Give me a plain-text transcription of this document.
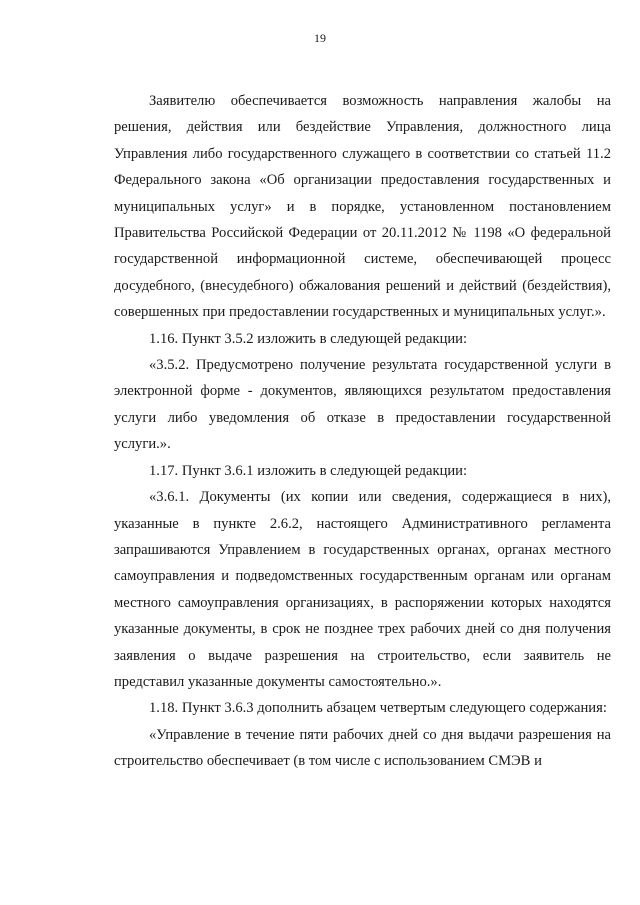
19

Заявителю обеспечивается возможность направления жалобы на решения, действия или бездействие Управления, должностного лица Управления либо государственного служащего в соответствии со статьей 11.2 Федерального закона «Об организации предоставления государственных и муниципальных услуг» и в порядке, установленном постановлением Правительства Российской Федерации от 20.11.2012 № 1198 «О федеральной государственной информационной системе, обеспечивающей процесс досудебного, (внесудебного) обжалования решений и действий (бездействия), совершенных при предоставлении государственных и муниципальных услуг.».

1.16. Пункт 3.5.2 изложить в следующей редакции:

«3.5.2. Предусмотрено получение результата государственной услуги в электронной форме - документов, являющихся результатом предоставления услуги либо уведомления об отказе в предоставлении государственной услуги.».

1.17. Пункт 3.6.1 изложить в следующей редакции:

«3.6.1. Документы (их копии или сведения, содержащиеся в них), указанные в пункте 2.6.2, настоящего Административного регламента запрашиваются Управлением в государственных органах, органах местного самоуправления и подведомственных государственным органам или органам местного самоуправления организациях, в распоряжении которых находятся указанные документы, в срок не позднее трех рабочих дней со дня получения заявления о выдаче разрешения на строительство, если заявитель не представил указанные документы самостоятельно.».

1.18. Пункт 3.6.3 дополнить абзацем четвертым следующего содержания:

«Управление в течение пяти рабочих дней со дня выдачи разрешения на строительство обеспечивает (в том числе с использованием СМЭВ и
